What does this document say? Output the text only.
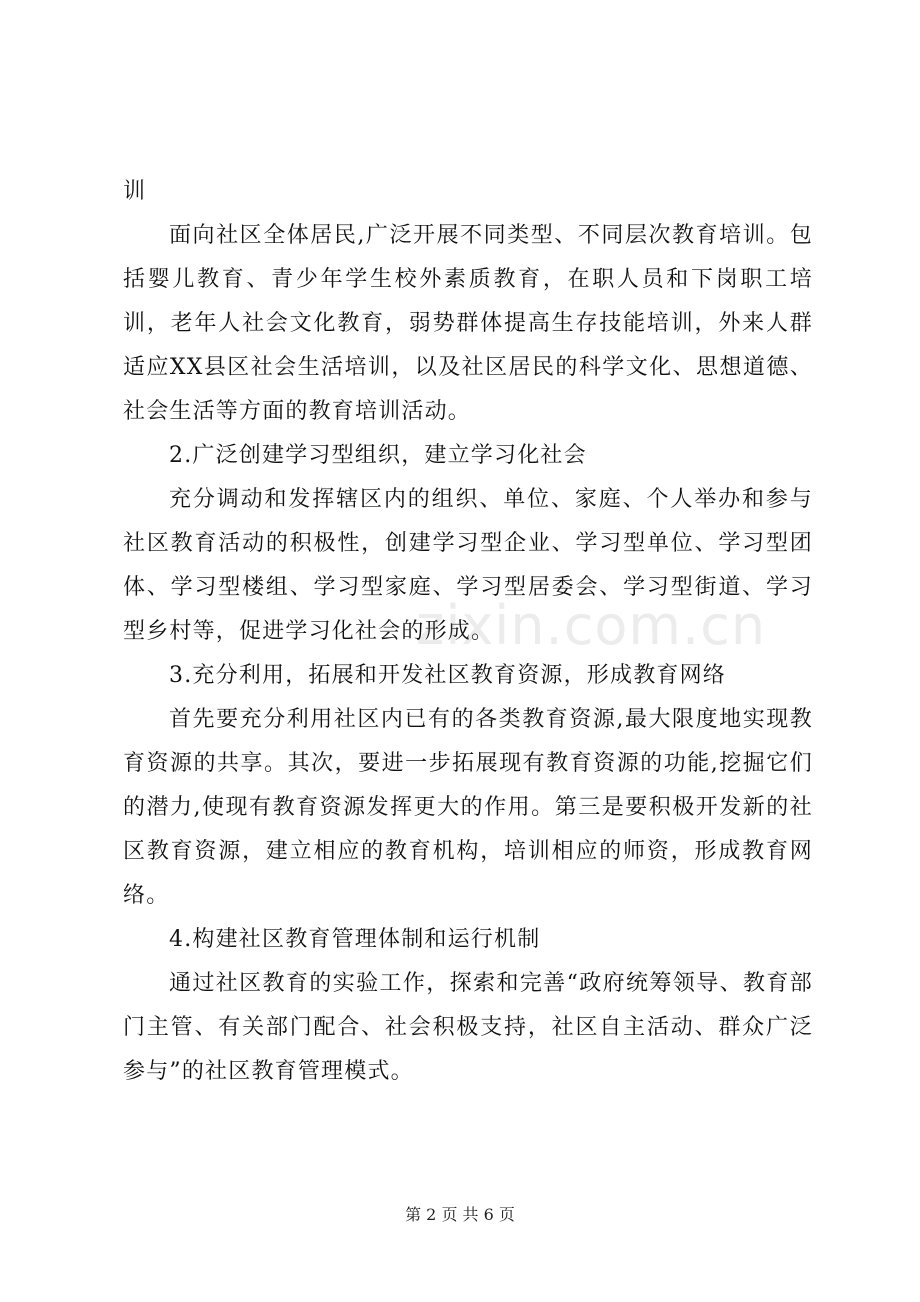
训

面向社区全体居民,广泛开展不同类型、不同层次教育培训。包括婴儿教育、青少年学生校外素质教育，在职人员和下岗职工培训，老年人社会文化教育，弱势群体提高生存技能培训，外来人群适应XX县区社会生活培训，以及社区居民的科学文化、思想道德、社会生活等方面的教育培训活动。

2.广泛创建学习型组织，建立学习化社会

充分调动和发挥辖区内的组织、单位、家庭、个人举办和参与社区教育活动的积极性，创建学习型企业、学习型单位、学习型团体、学习型楼组、学习型家庭、学习型居委会、学习型街道、学习型乡村等，促进学习化社会的形成。

3.充分利用，拓展和开发社区教育资源，形成教育网络

首先要充分利用社区内已有的各类教育资源,最大限度地实现教育资源的共享。其次，要进一步拓展现有教育资源的功能,挖掘它们的潜力,使现有教育资源发挥更大的作用。第三是要积极开发新的社区教育资源，建立相应的教育机构，培训相应的师资，形成教育网络。

4.构建社区教育管理体制和运行机制

通过社区教育的实验工作，探索和完善“政府统筹领导、教育部门主管、有关部门配合、社会积极支持，社区自主活动、群众广泛参与”的社区教育管理模式。

zixin.com.cn
第 2 页 共 6 页
